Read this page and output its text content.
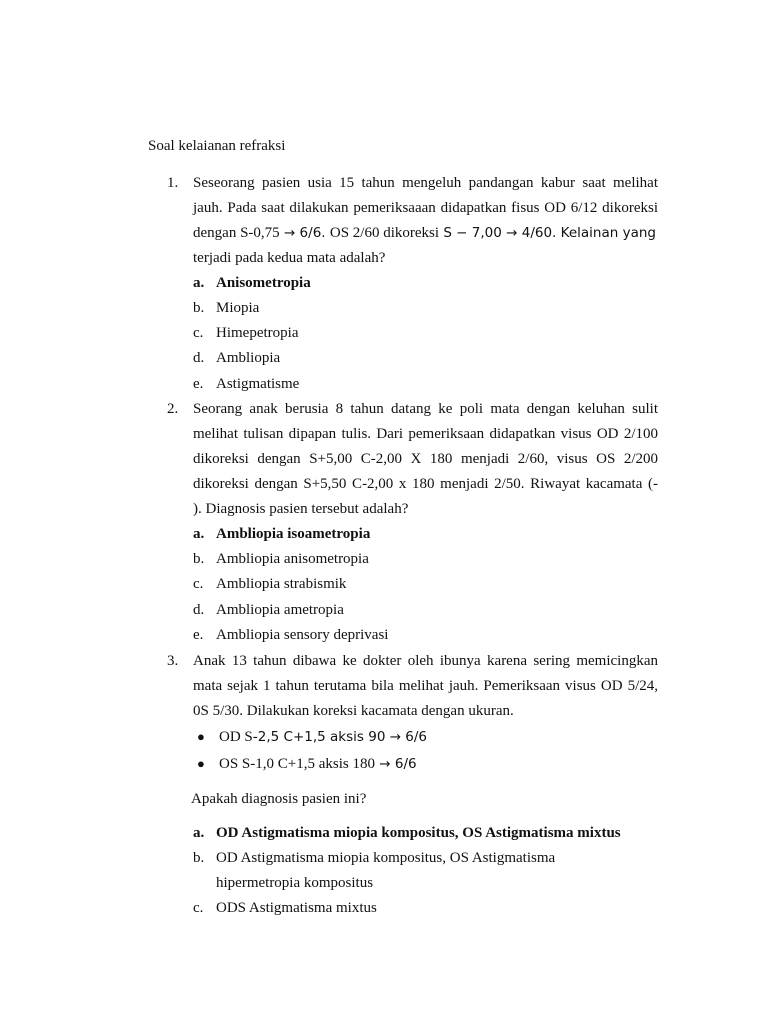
Soal kelaianan refraksi
1. Seseorang pasien usia 15 tahun mengeluh pandangan kabur saat melihat
jauh. Pada saat dilakukan pemeriksaaan didapatkan fisus OD 6/12 dikoreksi
dengan S-0,75 → 6/6. OS 2/60 dikoreksi S − 7,00 → 4/60. Kelainan yang
terjadi pada kedua mata adalah?
a. Anisometropia
b. Miopia
c. Himepetropia
d. Ambliopia
e. Astigmatisme
2. Seorang anak berusia 8 tahun datang ke poli mata dengan keluhan sulit
melihat tulisan dipapan tulis. Dari pemeriksaan didapatkan visus OD 2/100
dikoreksi dengan S+5,00 C-2,00 X 180 menjadi 2/60, visus OS 2/200
dikoreksi dengan S+5,50 C-2,00 x 180 menjadi 2/50. Riwayat kacamata (-
). Diagnosis pasien tersebut adalah?
a. Ambliopia isoametropia
b. Ambliopia anisometropia
c. Ambliopia strabismik
d. Ambliopia ametropia
e. Ambliopia sensory deprivasi
3. Anak 13 tahun dibawa ke dokter oleh ibunya karena sering memicingkan
mata sejak 1 tahun terutama bila melihat jauh. Pemeriksaan visus OD 5/24,
0S 5/30. Dilakukan koreksi kacamata dengan ukuran.
● OD S-2,5 C+1,5 aksis 90 → 6/6
● OS S-1,0 C+1,5 aksis 180 → 6/6
Apakah diagnosis pasien ini?
a. OD Astigmatisma miopia kompositus, OS Astigmatisma mixtus
b. OD Astigmatisma miopia kompositus, OS Astigmatisma
hipermetropia kompositus
c. ODS Astigmatisma mixtus
